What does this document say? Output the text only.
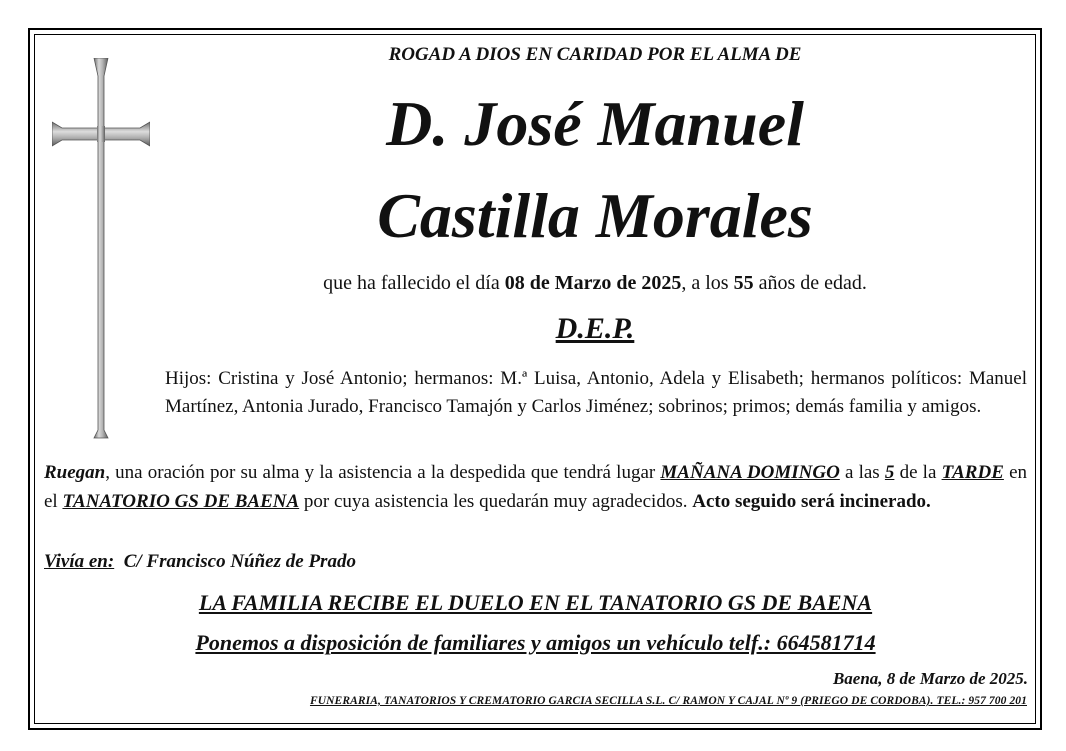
ROGAD A DIOS EN CARIDAD POR EL ALMA DE
D. José Manuel
Castilla Morales
que ha fallecido el día 08 de Marzo de 2025, a los 55 años de edad.
D.E.P.
Hijos: Cristina y José Antonio; hermanos: M.ª Luisa, Antonio, Adela y Elisabeth; hermanos políticos: Manuel Martínez, Antonia Jurado, Francisco Tamajón y Carlos Jiménez; sobrinos; primos; demás familia y amigos.
Ruegan, una oración por su alma y la asistencia a la despedida que tendrá lugar MAÑANA DOMINGO a las 5 de la TARDE en el TANATORIO GS DE BAENA por cuya asistencia les quedarán muy agradecidos. Acto seguido será incinerado.
Vivía en: C/ Francisco Núñez de Prado
LA FAMILIA RECIBE EL DUELO EN EL TANATORIO GS DE BAENA
Ponemos a disposición de familiares y amigos un vehículo telf.: 664581714
Baena, 8 de Marzo de 2025.
FUNERARIA, TANATORIOS Y CREMATORIO GARCIA SECILLA S.L. C/ RAMON Y CAJAL Nº 9 (PRIEGO DE CORDOBA). TEL.: 957 700 201
